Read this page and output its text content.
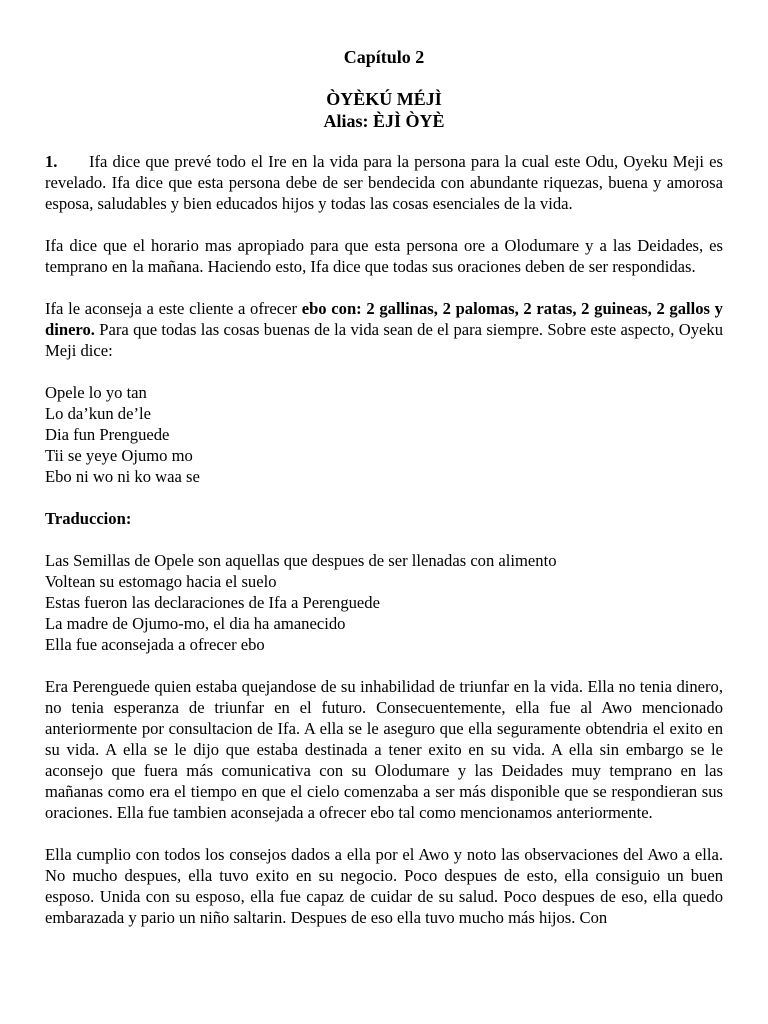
Capítulo 2
ÒYÈKÚ MÉJÌ
Alias: ÈJÌ ÒYÈ

1. Ifa dice que prevé todo el Ire en la vida para la persona para la cual este Odu, Oyeku Meji es revelado. Ifa dice que esta persona debe de ser bendecida con abundante riquezas, buena y amorosa esposa, saludables y bien educados hijos y todas las cosas esenciales de la vida.

Ifa dice que el horario mas apropiado para que esta persona ore a Olodumare y a las Deidades, es temprano en la mañana. Haciendo esto, Ifa dice que todas sus oraciones deben de ser respondidas.

Ifa le aconseja a este cliente a ofrecer ebo con: 2 gallinas, 2 palomas, 2 ratas, 2 guineas, 2 gallos y dinero. Para que todas las cosas buenas de la vida sean de el para siempre. Sobre este aspecto, Oyeku Meji dice:

Opele lo yo tan
Lo da’kun de’le
Dia fun Prenguede
Tii se yeye Ojumo mo
Ebo ni wo ni ko waa se
Traduccion:
Las Semillas de Opele son aquellas que despues de ser llenadas con alimento
Voltean su estomago hacia el suelo
Estas fueron las declaraciones de Ifa a Perenguede
La madre de Ojumo-mo, el dia ha amanecido
Ella fue aconsejada a ofrecer ebo

Era Perenguede quien estaba quejandose de su inhabilidad de triunfar en la vida. Ella no tenia dinero, no tenia esperanza de triunfar en el futuro. Consecuentemente, ella fue al Awo mencionado anteriormente por consultacion de Ifa. A ella se le aseguro que ella seguramente obtendria el exito en su vida. A ella se le dijo que estaba destinada a tener exito en su vida. A ella sin embargo se le aconsejo que fuera más comunicativa con su Olodumare y las Deidades muy temprano en las mañanas como era el tiempo en que el cielo comenzaba a ser más disponible que se respondieran sus oraciones. Ella fue tambien aconsejada a ofrecer ebo tal como mencionamos anteriormente.

Ella cumplio con todos los consejos dados a ella por el Awo y noto las observaciones del Awo a ella. No mucho despues, ella tuvo exito en su negocio. Poco despues de esto, ella consiguio un buen esposo. Unida con su esposo, ella fue capaz de cuidar de su salud. Poco despues de eso, ella quedo embarazada y pario un niño saltarin. Despues de eso ella tuvo mucho más hijos. Con
